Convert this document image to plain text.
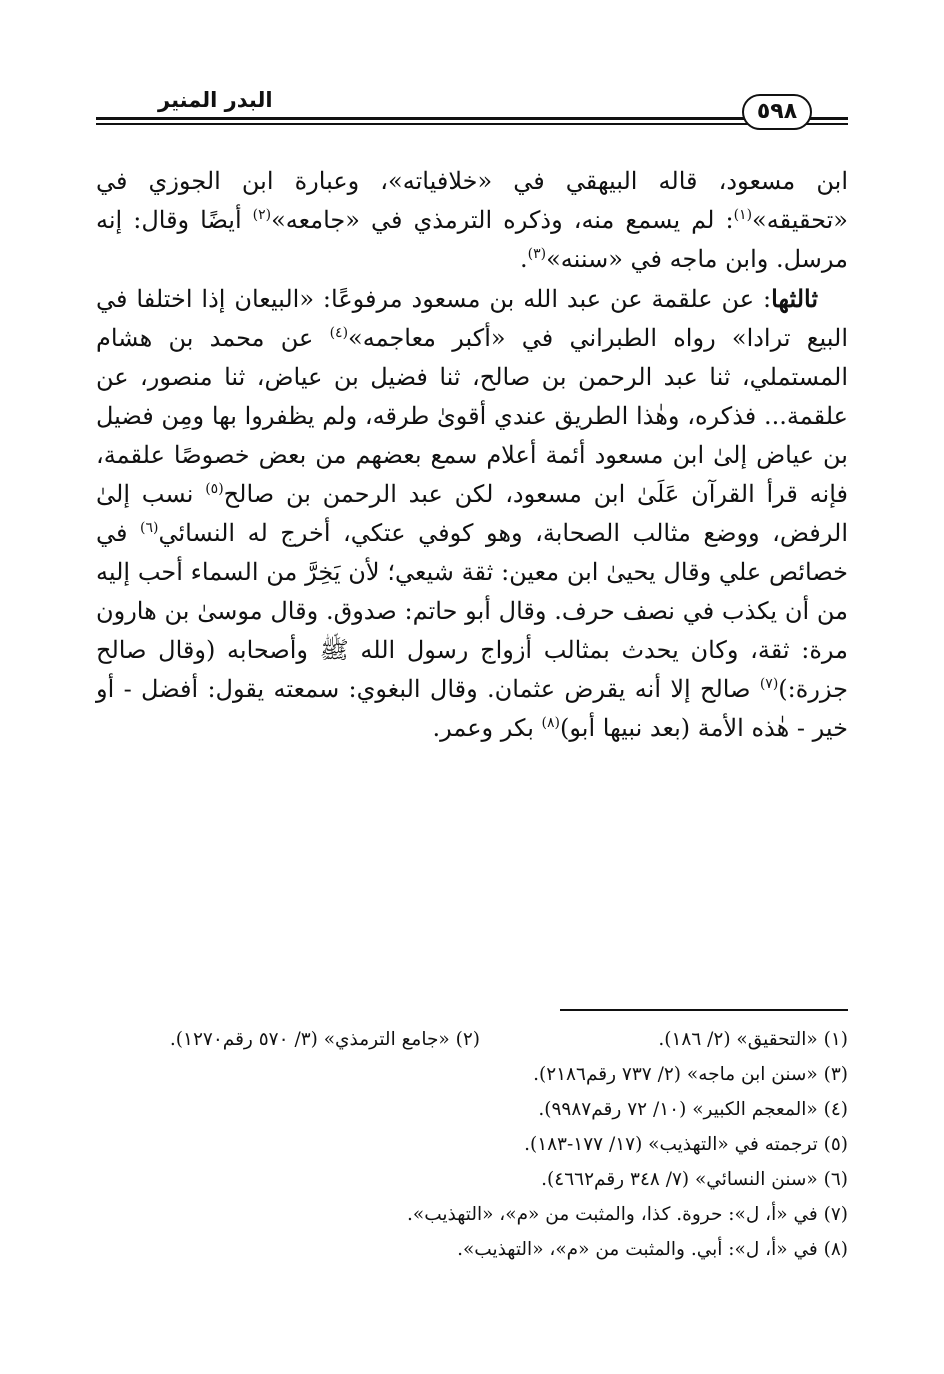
البدر المنير	٥٩٨

ابن مسعود، قاله البيهقي في «خلافياته»، وعبارة ابن الجوزي في «تحقيقه»$^{(١)}$: لم يسمع منه، وذكره الترمذي في «جامعه»$^{(٢)}$ أيضًا وقال: إنه مرسل. وابن ماجه في «سننه»$^{(٣)}$.

ثالثها: عن علقمة عن عبد الله بن مسعود مرفوعًا: «البيعان إذا اختلفا في البيع ترادا» رواه الطبراني في «أكبر معاجمه»$^{(٤)}$ عن محمد بن هشام المستملي، ثنا عبد الرحمن بن صالح، ثنا فضيل بن عياض، ثنا منصور، عن علقمة... فذكره، وهٰذا الطريق عندي أقوىٰ طرقه، ولم يظفروا بها ومِن فضيل بن عياض إلىٰ ابن مسعود أئمة أعلام سمع بعضهم من بعض خصوصًا علقمة، فإنه قرأ القرآن عَلَىٰ ابن مسعود، لكن عبد الرحمن بن صالح$^{(٥)}$ نسب إلىٰ الرفض، ووضع مثالب الصحابة، وهو كوفي عتكي، أخرج له النسائي$^{(٦)}$ في خصائص علي وقال يحيىٰ ابن معين: ثقة شيعي؛ لأن يَخِرَّ من السماء أحب إليه من أن يكذب في نصف حرف. وقال أبو حاتم: صدوق. وقال موسىٰ بن هارون مرة: ثقة، وكان يحدث بمثالب أزواج رسول الله ﷺ وأصحابه (وقال صالح جزرة:)$^{(٧)}$ صالح إلا أنه يقرض عثمان. وقال البغوي: سمعته يقول: أفضل - أو خير - هٰذه الأمة (بعد نبيها أبو)$^{(٨)}$ بكر وعمر.

(١) «التحقيق» (٢/ ١٨٦).
(٢) «جامع الترمذي» (٣/ ٥٧٠ رقم١٢٧٠).
(٣) «سنن ابن ماجه» (٢/ ٧٣٧ رقم٢١٨٦).
(٤) «المعجم الكبير» (١٠/ ٧٢ رقم٩٩٨٧).
(٥) ترجمته في «التهذيب» (١٧/ ١٧٧-١٨٣).
(٦) «سنن النسائي» (٧/ ٣٤٨ رقم٤٦٦٢).
(٧) في «أ، ل»: حروة. كذا، والمثبت من «م»، «التهذيب».
(٨) في «أ، ل»: أبي. والمثبت من «م»، «التهذيب».
